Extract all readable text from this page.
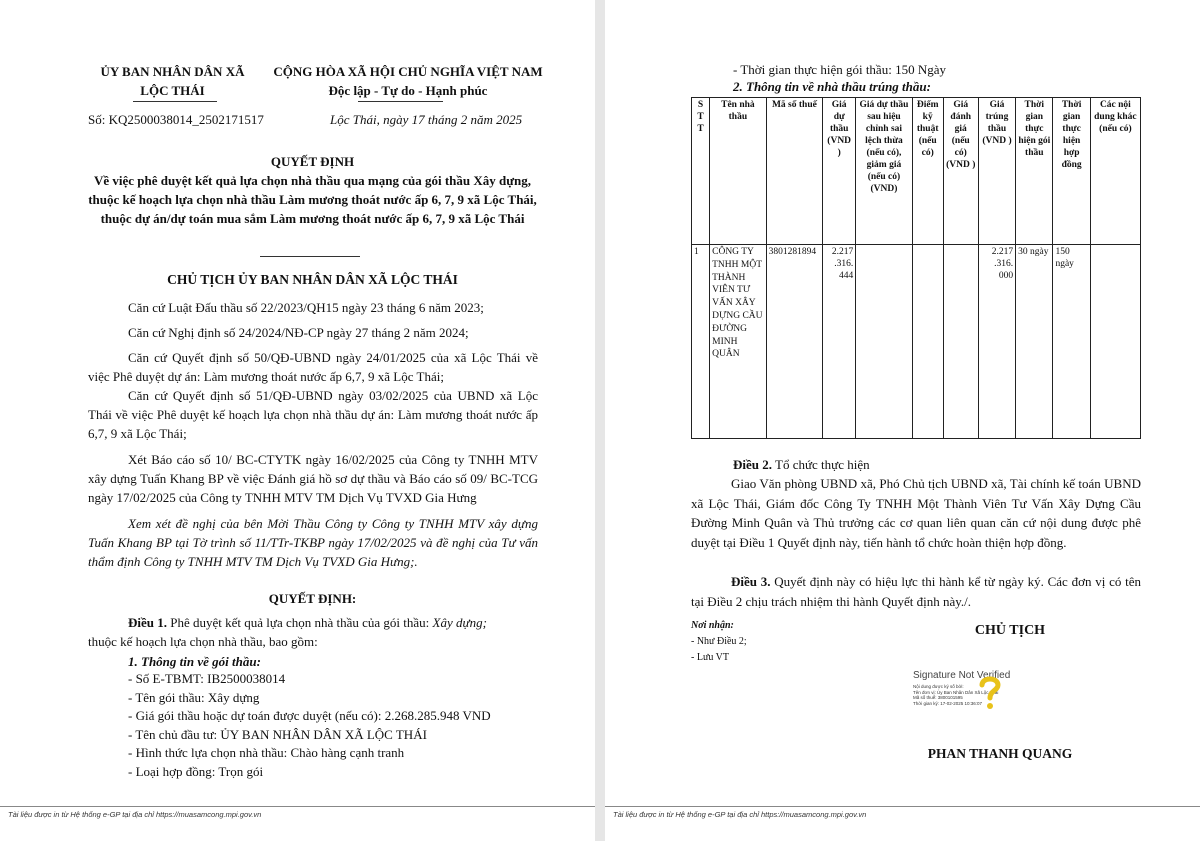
ỦY BAN NHÂN DÂN XÃ
LỘC THÁI
CỘNG HÒA XÃ HỘI CHỦ NGHĨA VIỆT NAM
Độc lập - Tự do - Hạnh phúc
Số: KQ2500038014_2502171517	Lộc Thái, ngày 17 tháng 2 năm 2025
QUYẾT ĐỊNH
Về việc phê duyệt kết quả lựa chọn nhà thầu qua mạng của gói thầu Xây dựng, thuộc kế hoạch lựa chọn nhà thầu Làm mương thoát nước ấp 6, 7, 9 xã Lộc Thái, thuộc dự án/dự toán mua sắm Làm mương thoát nước ấp 6, 7, 9 xã Lộc Thái
CHỦ TỊCH ỦY BAN NHÂN DÂN XÃ LỘC THÁI
Căn cứ Luật Đấu thầu số 22/2023/QH15 ngày 23 tháng 6 năm 2023;
Căn cứ Nghị định số 24/2024/NĐ-CP ngày 27 tháng 2 năm 2024;
Căn cứ Quyết định số 50/QĐ-UBND ngày 24/01/2025 của xã Lộc Thái về việc Phê duyệt dự án: Làm mương thoát nước ấp 6,7, 9 xã Lộc Thái;
Căn cứ Quyết định số 51/QĐ-UBND ngày 03/02/2025 của UBND xã Lộc Thái về việc Phê duyệt kế hoạch lựa chọn nhà thầu dự án: Làm mương thoát nước ấp 6,7, 9 xã Lộc Thái;
Xét Báo cáo số 10/ BC-CTYTK ngày 16/02/2025 của Công ty TNHH MTV xây dựng Tuấn Khang BP về việc Đánh giá hồ sơ dự thầu và Báo cáo số 09/ BC-TCG ngày 17/02/2025 của Công ty TNHH MTV TM Dịch Vụ TVXD Gia Hưng
Xem xét đề nghị của bên Mời Thầu Công ty Công ty TNHH MTV xây dựng Tuấn Khang BP tại Tờ trình số 11/TTr-TKBP ngày 17/02/2025 và đề nghị của Tư vấn thẩm định Công ty TNHH MTV TM Dịch Vụ TVXD Gia Hưng;.
QUYẾT ĐỊNH:
Điều 1. Phê duyệt kết quả lựa chọn nhà thầu của gói thầu: Xây dựng;
thuộc kế hoạch lựa chọn nhà thầu, bao gồm:
1. Thông tin về gói thầu:
- Số E-TBMT: IB2500038014
- Tên gói thầu: Xây dựng
- Giá gói thầu hoặc dự toán được duyệt (nếu có): 2.268.285.948 VND
- Tên chủ đầu tư: ỦY BAN NHÂN DÂN XÃ LỘC THÁI
- Hình thức lựa chọn nhà thầu: Chào hàng cạnh tranh
- Loại hợp đồng: Trọn gói
Tài liệu được in từ Hệ thống e-GP tại địa chỉ https://muasamcong.mpi.gov.vn
- Thời gian thực hiện gói thầu: 150 Ngày
2. Thông tin về nhà thầu trúng thầu:
S T T	Tên nhà thầu	Mã số thuế	Giá dự thầu (VND )	Giá dự thầu sau hiệu chỉnh sai lệch thừa (nếu có), giảm giá (nếu có) (VND)	Điểm kỹ thuật (nếu có)	Giá đánh giá (nếu có) (VND )	Giá trúng thầu (VND )	Thời gian thực hiện gói thầu	Thời gian thực hiện hợp đồng	Các nội dung khác (nếu có)
1	CÔNG TY TNHH MỘT THÀNH VIÊN TƯ VẤN XÂY DỰNG CẦU ĐƯỜNG MINH QUÂN	3801281894	2.217 .316. 444				2.217 .316. 000	30 ngày	150 ngày	
Điều 2. Tổ chức thực hiện
Giao Văn phòng UBND xã, Phó Chủ tịch UBND xã, Tài chính kế toán UBND xã Lộc Thái, Giám đốc Công Ty TNHH Một Thành Viên Tư Vấn Xây Dựng Cầu Đường Minh Quân và Thủ trưởng các cơ quan liên quan căn cứ nội dung được phê duyệt tại Điều 1 Quyết định này, tiến hành tổ chức hoàn thiện hợp đồng.
Điều 3. Quyết định này có hiệu lực thi hành kể từ ngày ký. Các đơn vị có tên tại Điều 2 chịu trách nhiệm thi hành Quyết định này./.
Nơi nhận:
- Như Điều 2;
- Lưu VT
CHỦ TỊCH
Signature Not Verified
Nội dung được ký số bởi:
Tên đơn vị: Ủy Ban Nhân Dân Xã Lộc Thái
Mã số thuế: 3800101595
Thời gian ký: 17-02-2025 10:36:07
PHAN THANH QUANG
Tài liệu được in từ Hệ thống e-GP tại địa chỉ https://muasamcong.mpi.gov.vn
